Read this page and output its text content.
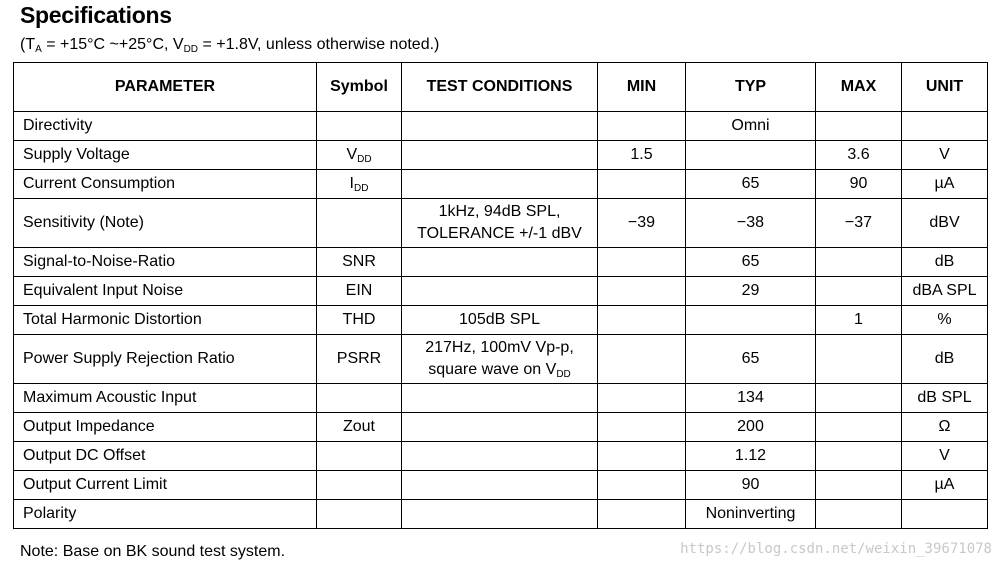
Specifications
($T_A = +15^\circ C$ ~+25°C, $V_{DD} = +1.8V$, unless otherwise noted.)
PARAMETER	Symbol	TEST CONDITIONS	MIN	TYP	MAX	UNIT
Directivity				Omni		
Supply Voltage	$V_{DD}$		1.5		3.6	V
Current Consumption	$I_{DD}$			65	90	µA
Sensitivity (Note)		1kHz, 94dB SPL,
TOLERANCE +/-1 dBV	−39	−38	−37	dBV
Signal-to-Noise-Ratio	SNR			65		dB
Equivalent Input Noise	EIN			29		dBA SPL
Total Harmonic Distortion	THD	105dB SPL			1	%
Power Supply Rejection Ratio	PSRR	217Hz, 100mV Vp-p,
square wave on $V_{DD}$		65		dB
Maximum Acoustic Input				134		dB SPL
Output Impedance	Zout			200		Ω
Output DC Offset				1.12		V
Output Current Limit				90		µA
Polarity				Noninverting		
Note: Base on BK sound test system.	https://blog.csdn.net/weixin_39671078
